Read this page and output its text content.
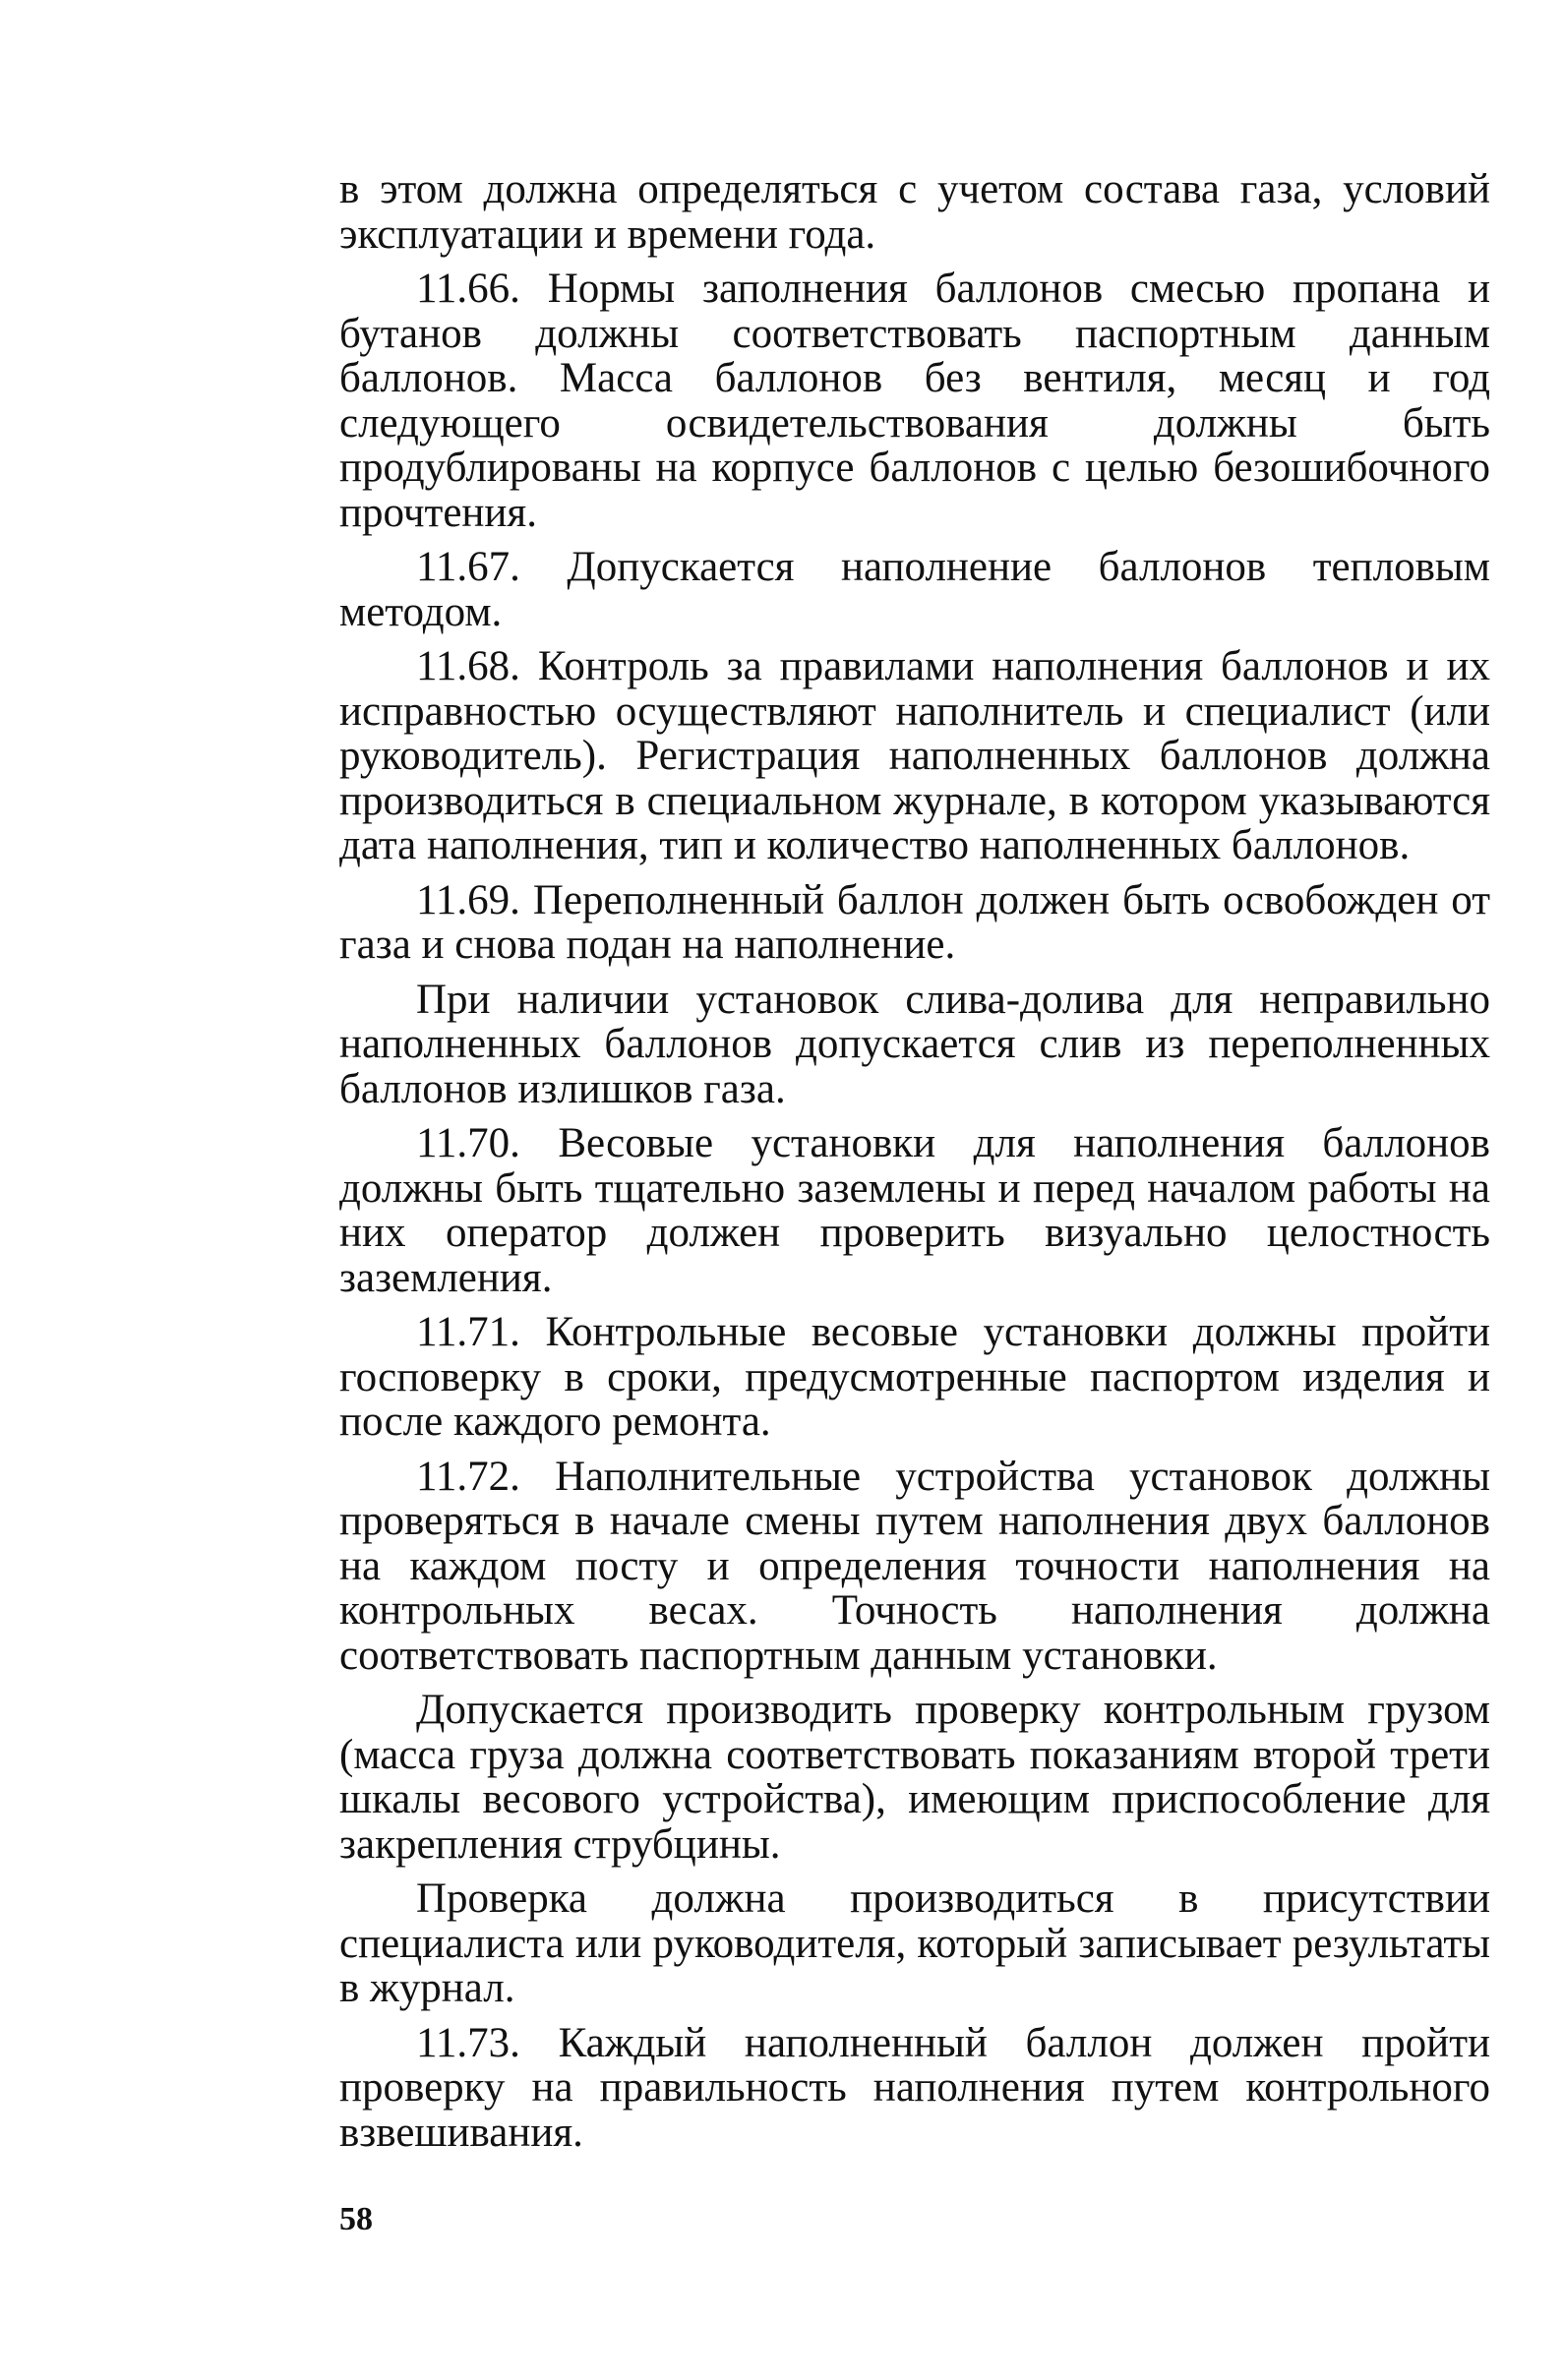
в этом должна определяться с учетом состава газа, условий эксплуатации и времени года.

11.66. Нормы заполнения баллонов смесью пропана и бутанов должны соответствовать паспортным данным баллонов. Масса баллонов без вентиля, месяц и год следующего освидетельствования должны быть продублированы на корпусе баллонов с целью безошибочного прочтения.

11.67. Допускается наполнение баллонов тепловым методом.

11.68. Контроль за правилами наполнения баллонов и их исправностью осуществляют наполнитель и специалист (или руководитель). Регистрация наполненных баллонов должна производиться в специальном журнале, в котором указываются дата наполнения, тип и количество наполненных баллонов.

11.69. Переполненный баллон должен быть освобожден от газа и снова подан на наполнение.

При наличии установок слива-долива для неправильно наполненных баллонов допускается слив из переполненных баллонов излишков газа.

11.70. Весовые установки для наполнения баллонов должны быть тщательно заземлены и перед началом работы на них оператор должен проверить визуально целостность заземления.

11.71. Контрольные весовые установки должны пройти госповерку в сроки, предусмотренные паспортом изделия и после каждого ремонта.

11.72. Наполнительные устройства установок должны проверяться в начале смены путем наполнения двух баллонов на каждом посту и определения точности наполнения на контрольных весах. Точность наполнения должна соответствовать паспортным данным установки.

Допускается производить проверку контрольным грузом (масса груза должна соответствовать показаниям второй трети шкалы весового устройства), имеющим приспособление для закрепления струбцины.

Проверка должна производиться в присутствии специалиста или руководителя, который записывает результаты в журнал.

11.73. Каждый наполненный баллон должен пройти проверку на правильность наполнения путем контрольного взвешивания.

58
